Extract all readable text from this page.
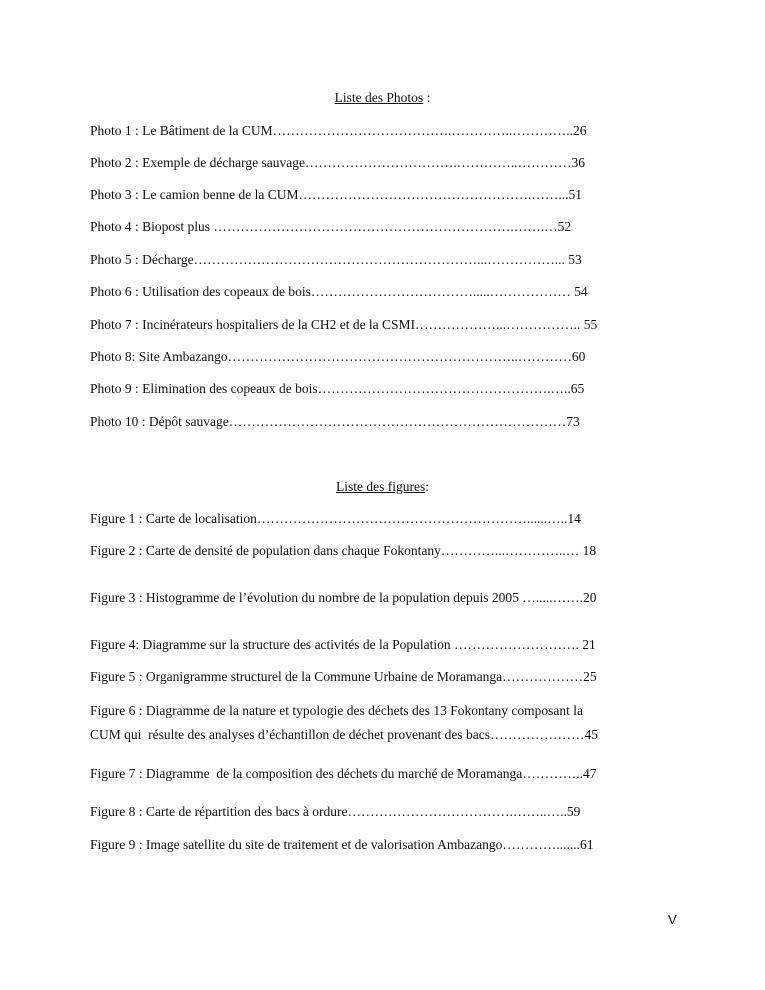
Liste des Photos :
Photo 1 : Le Bâtiment de la CUM………………………………….…………..…………..26
Photo 2 : Exemple de décharge sauvage…………………………….…………..…………36
Photo 3 : Le camion benne de la CUM…………………………………………….……...51
Photo 4 : Biopost plus ………………………………………………………….…….…52
Photo 5 : Décharge………………………………………………………...……………... 53
Photo 6 : Utilisation des copeaux de bois……………………………….....……………… 54
Photo 7 : Incinérateurs hospitaliers de la CH2 et de la CSMI………………...…………….. 55
Photo 8: Site Ambazango………………………………………………………..…………60
Photo 9 : Elimination des copeaux de bois…………………………………………….…..65
Photo 10 : Dépôt sauvage…………………………………………………………………73
Liste des figures:
Figure 1 : Carte de localisation……………………………………………………......…..14
Figure 2 : Carte de densité de population dans chaque Fokontany…………...…………..… 18
Figure 3 : Histogramme de l’évolution du nombre de la population depuis 2005 ….....…….20
Figure 4: Diagramme sur la structure des activités de la Population ………………………. 21
Figure 5 : Organigramme structurel de la Commune Urbaine de Moramanga………………25
Figure 6 : Diagramme de la nature et typologie des déchets des 13 Fokontany composant la
CUM qui  résulte des analyses d’échantillon de déchet provenant des bacs…………………45
Figure 7 : Diagramme  de la composition des déchets du marché de Moramanga…………..47
Figure 8 : Carte de répartition des bacs à ordure……………………………….……..…..59
Figure 9 : Image satellite du site de traitement et de valorisation Ambazango………….......61
V
